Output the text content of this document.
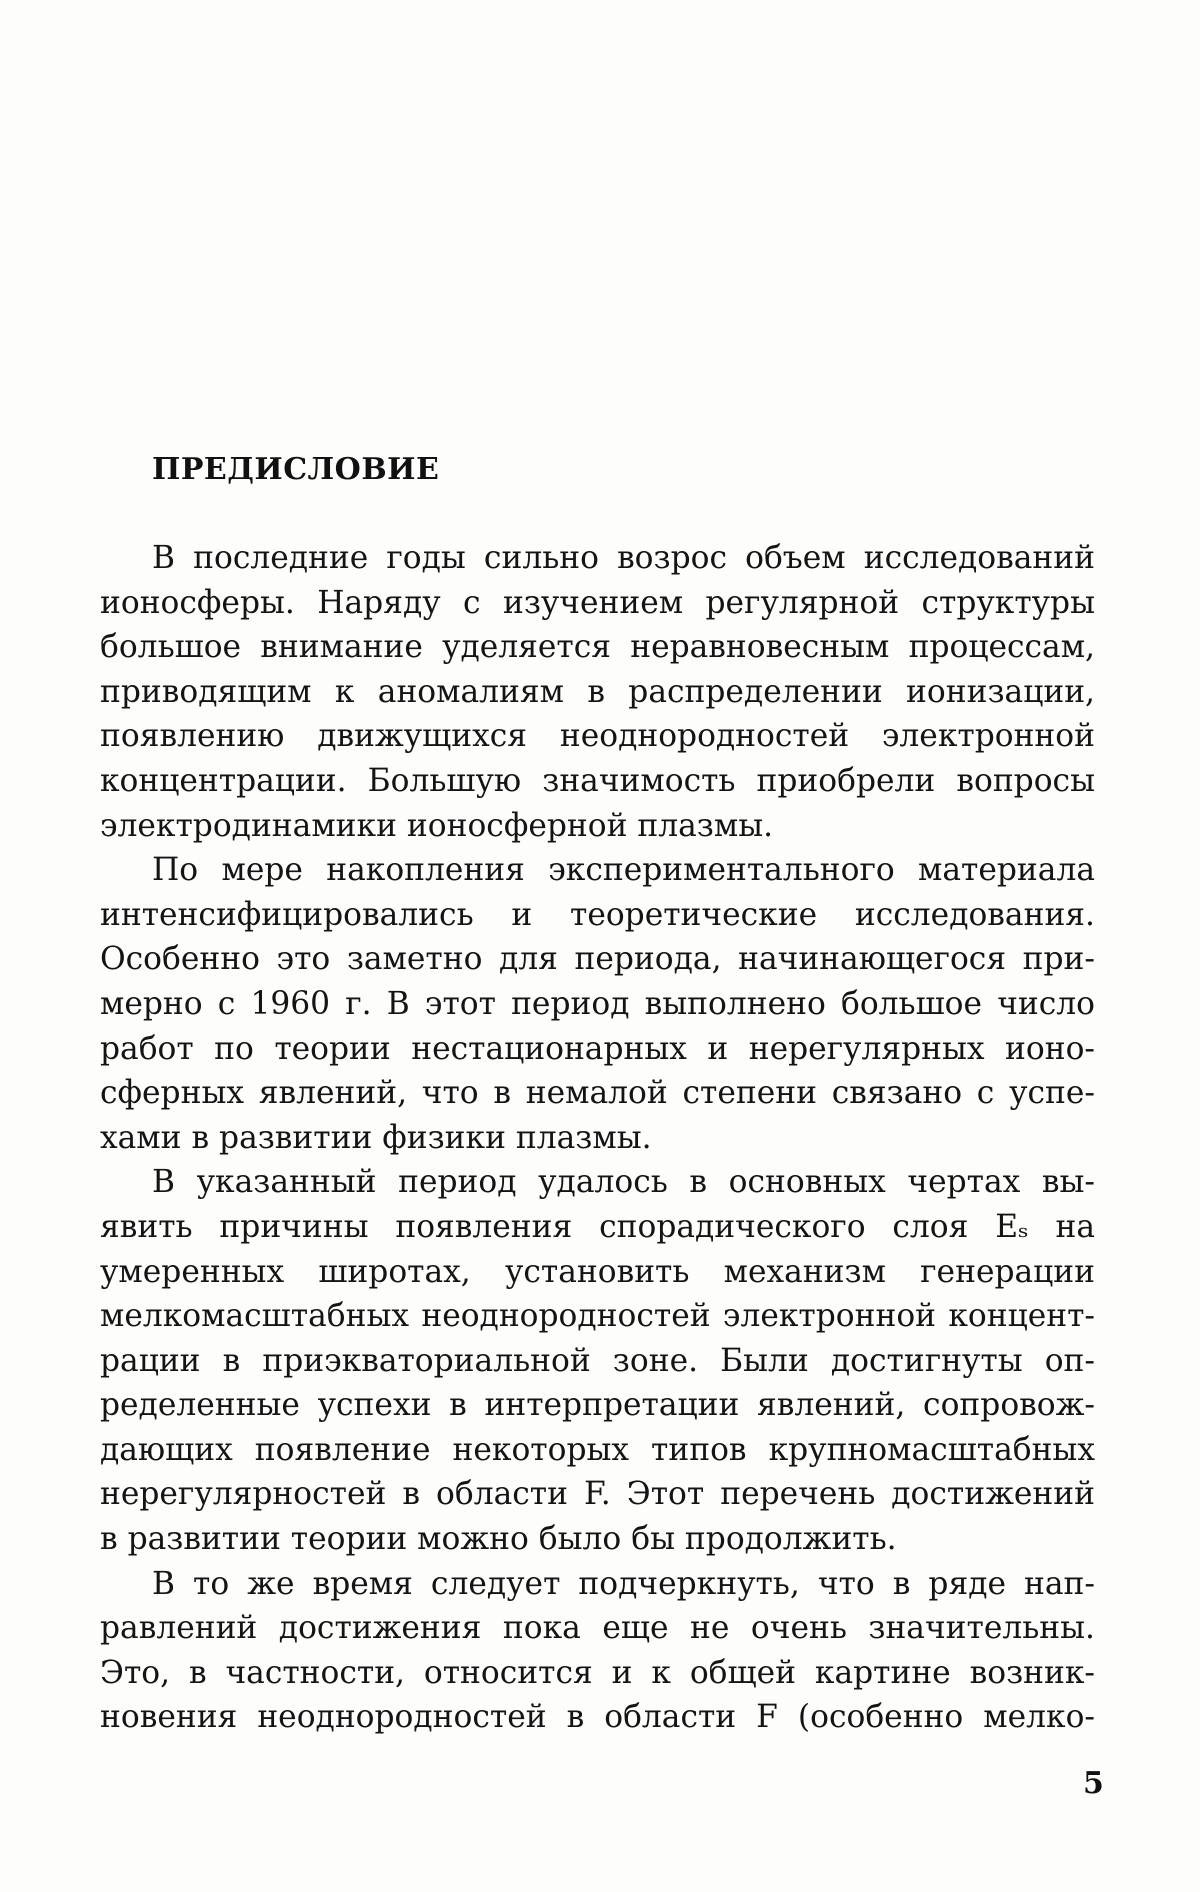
ПРЕДИСЛОВИЕ

В последние годы сильно возрос объем исследований
ионосферы. Наряду с изучением регулярной структуры
большое внимание уделяется неравновесным процессам,
приводящим к аномалиям в распределении ионизации,
появлению движущихся неоднородностей электронной
концентрации. Большую значимость приобрели вопросы
электродинамики ионосферной плазмы.

По мере накопления экспериментального материала
интенсифицировались и теоретические исследования.
Особенно это заметно для периода, начинающегося при-
мерно с 1960 г. В этот период выполнено большое число
работ по теории нестационарных и нерегулярных ионо-
сферных явлений, что в немалой степени связано с успе-
хами в развитии физики плазмы.

В указанный период удалось в основных чертах вы-
явить причины появления спорадического слоя Eₛ на
умеренных широтах, установить механизм генерации
мелкомасштабных неоднородностей электронной концент-
рации в приэкваториальной зоне. Были достигнуты оп-
ределенные успехи в интерпретации явлений, сопровож-
дающих появление некоторых типов крупномасштабных
нерегулярностей в области F. Этот перечень достижений
в развитии теории можно было бы продолжить.

В то же время следует подчеркнуть, что в ряде нап-
равлений достижения пока еще не очень значительны.
Это, в частности, относится и к общей картине возник-
новения неоднородностей в области F (особенно мелко-

5
